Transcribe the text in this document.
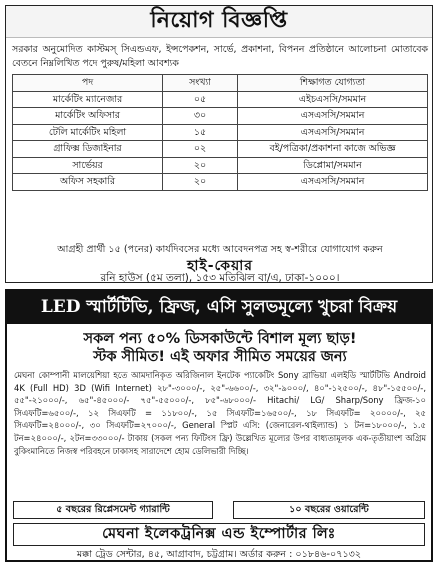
নিয়োগ বিজ্ঞপ্তি

সরকার অনুমোদিত কাস্টমস্ সিএন্ডএফ, ইন্সপেকশন, সার্ভে, প্রকাশনা, বিপনন প্রতিষ্ঠানে আলোচনা মোতাবেক বেতনে নিম্নলিখিত পদে পুরুষ/মহিলা আবশ্যক

পদ	সংখ্যা	শিক্ষাগত যোগ্যতা
মার্কেটিং ম্যানেজার	০৫	এইচএসসি/সমমান
মার্কেটিং অফিসার	৩০	এসএসসি/সমমান
টেলি মার্কেটিং মহিলা	১৫	এসএসসি/সমমান
গ্রাফিক্স ডিজাইনার	০২	বই/পত্রিকা/প্রকাশনা কাজে অভিজ্ঞ
সার্ভেয়র	২০	ডিপ্লোমা/সমমান
অফিস সহকারি	২০	এসএসসি/সমমান

আগ্রহী প্রার্থী ১৫ (পনের) কার্যদিবসের মধ্যে আবেদনপত্র সহ স্ব-শরীরে যোগাযোগ করুন

হাই-কেয়ার

রনি হাউস (৫ম তলা), ১৫৩ মতিঝিল বা/এ, ঢাকা-১০০০।

LED স্মার্টটিভি, ফ্রিজ, এসি সুলভমূল্যে খুচরা বিক্রয়

সকল পন্য ৫০% ডিসকাউন্টে বিশাল মূল্য ছাড়!

স্টক সীমিত! এই অফার সীমিত সময়ের জন্য

মেঘনা কোম্পানী মালয়েশিয়া হতে আমদানিকৃত অরিজিনাল ইনটেক প্যাকেটিং Sony ব্রাভিয়া এলইডি স্মার্টটিভি Android 4K (Full HD) 3D (Wifi Internet) ২৮"-৩০০০/-, ২৫"-৬৬০০/-, ৩২"-৯০০০/, ৪০"-১২৫০০/-, ৪৮"-১৫৫০০/-, ৫৫"-২১০০০/-, ৬৫"-৪৫০০০/- ৭৫"-৫৫০০০/-, ৮৫"-৬৮০০০/- Hitachi/ LG/ Sharp/Sony ফ্রিজ-১০ সিএফটি=৬৫০০/-, ১২ সিএফটি = ১১৮০০/-, ১৫ সিএফটি=১৬৫০০/-, ১৮ সিএফটি= ২০০০০/-, ২৫ সিএফটি=২৪০০০/-, ৩০ সিএফটি=২৭০০০/-, General স্প্লিট এসি: (জেনারেল-থাইল্যান্ড) ১ টন=১৮০০০/-, ১.৫ টন=২৪০০০/-, ২টন=৩৩০০০/- টাকায় (সকল পন্য ফিটিংস ফ্রি) উল্লেখিত মূল্যের উপর বাধ্যতামূলক এক-তৃতীয়াংশ অগ্রিম বুকিংমানিতে নিজস্ব পরিবহনে ঢাকাসহ সারাদেশে হোম ডেলিভারী দিচ্ছি।

৫ বছরের রিপ্লেসমেন্ট গ্যারান্টি	১০ বছরের ওয়ারেন্টি
মেঘনা ইলেকট্রনিক্স এন্ড ইম্পোর্টার লিঃ

মক্কা ট্রেড সেন্টার, ৪৫, আগ্রাবাদ, চট্টগ্রাম। অর্ডার করুন : ০১৮৪৬-০৭১৩২
